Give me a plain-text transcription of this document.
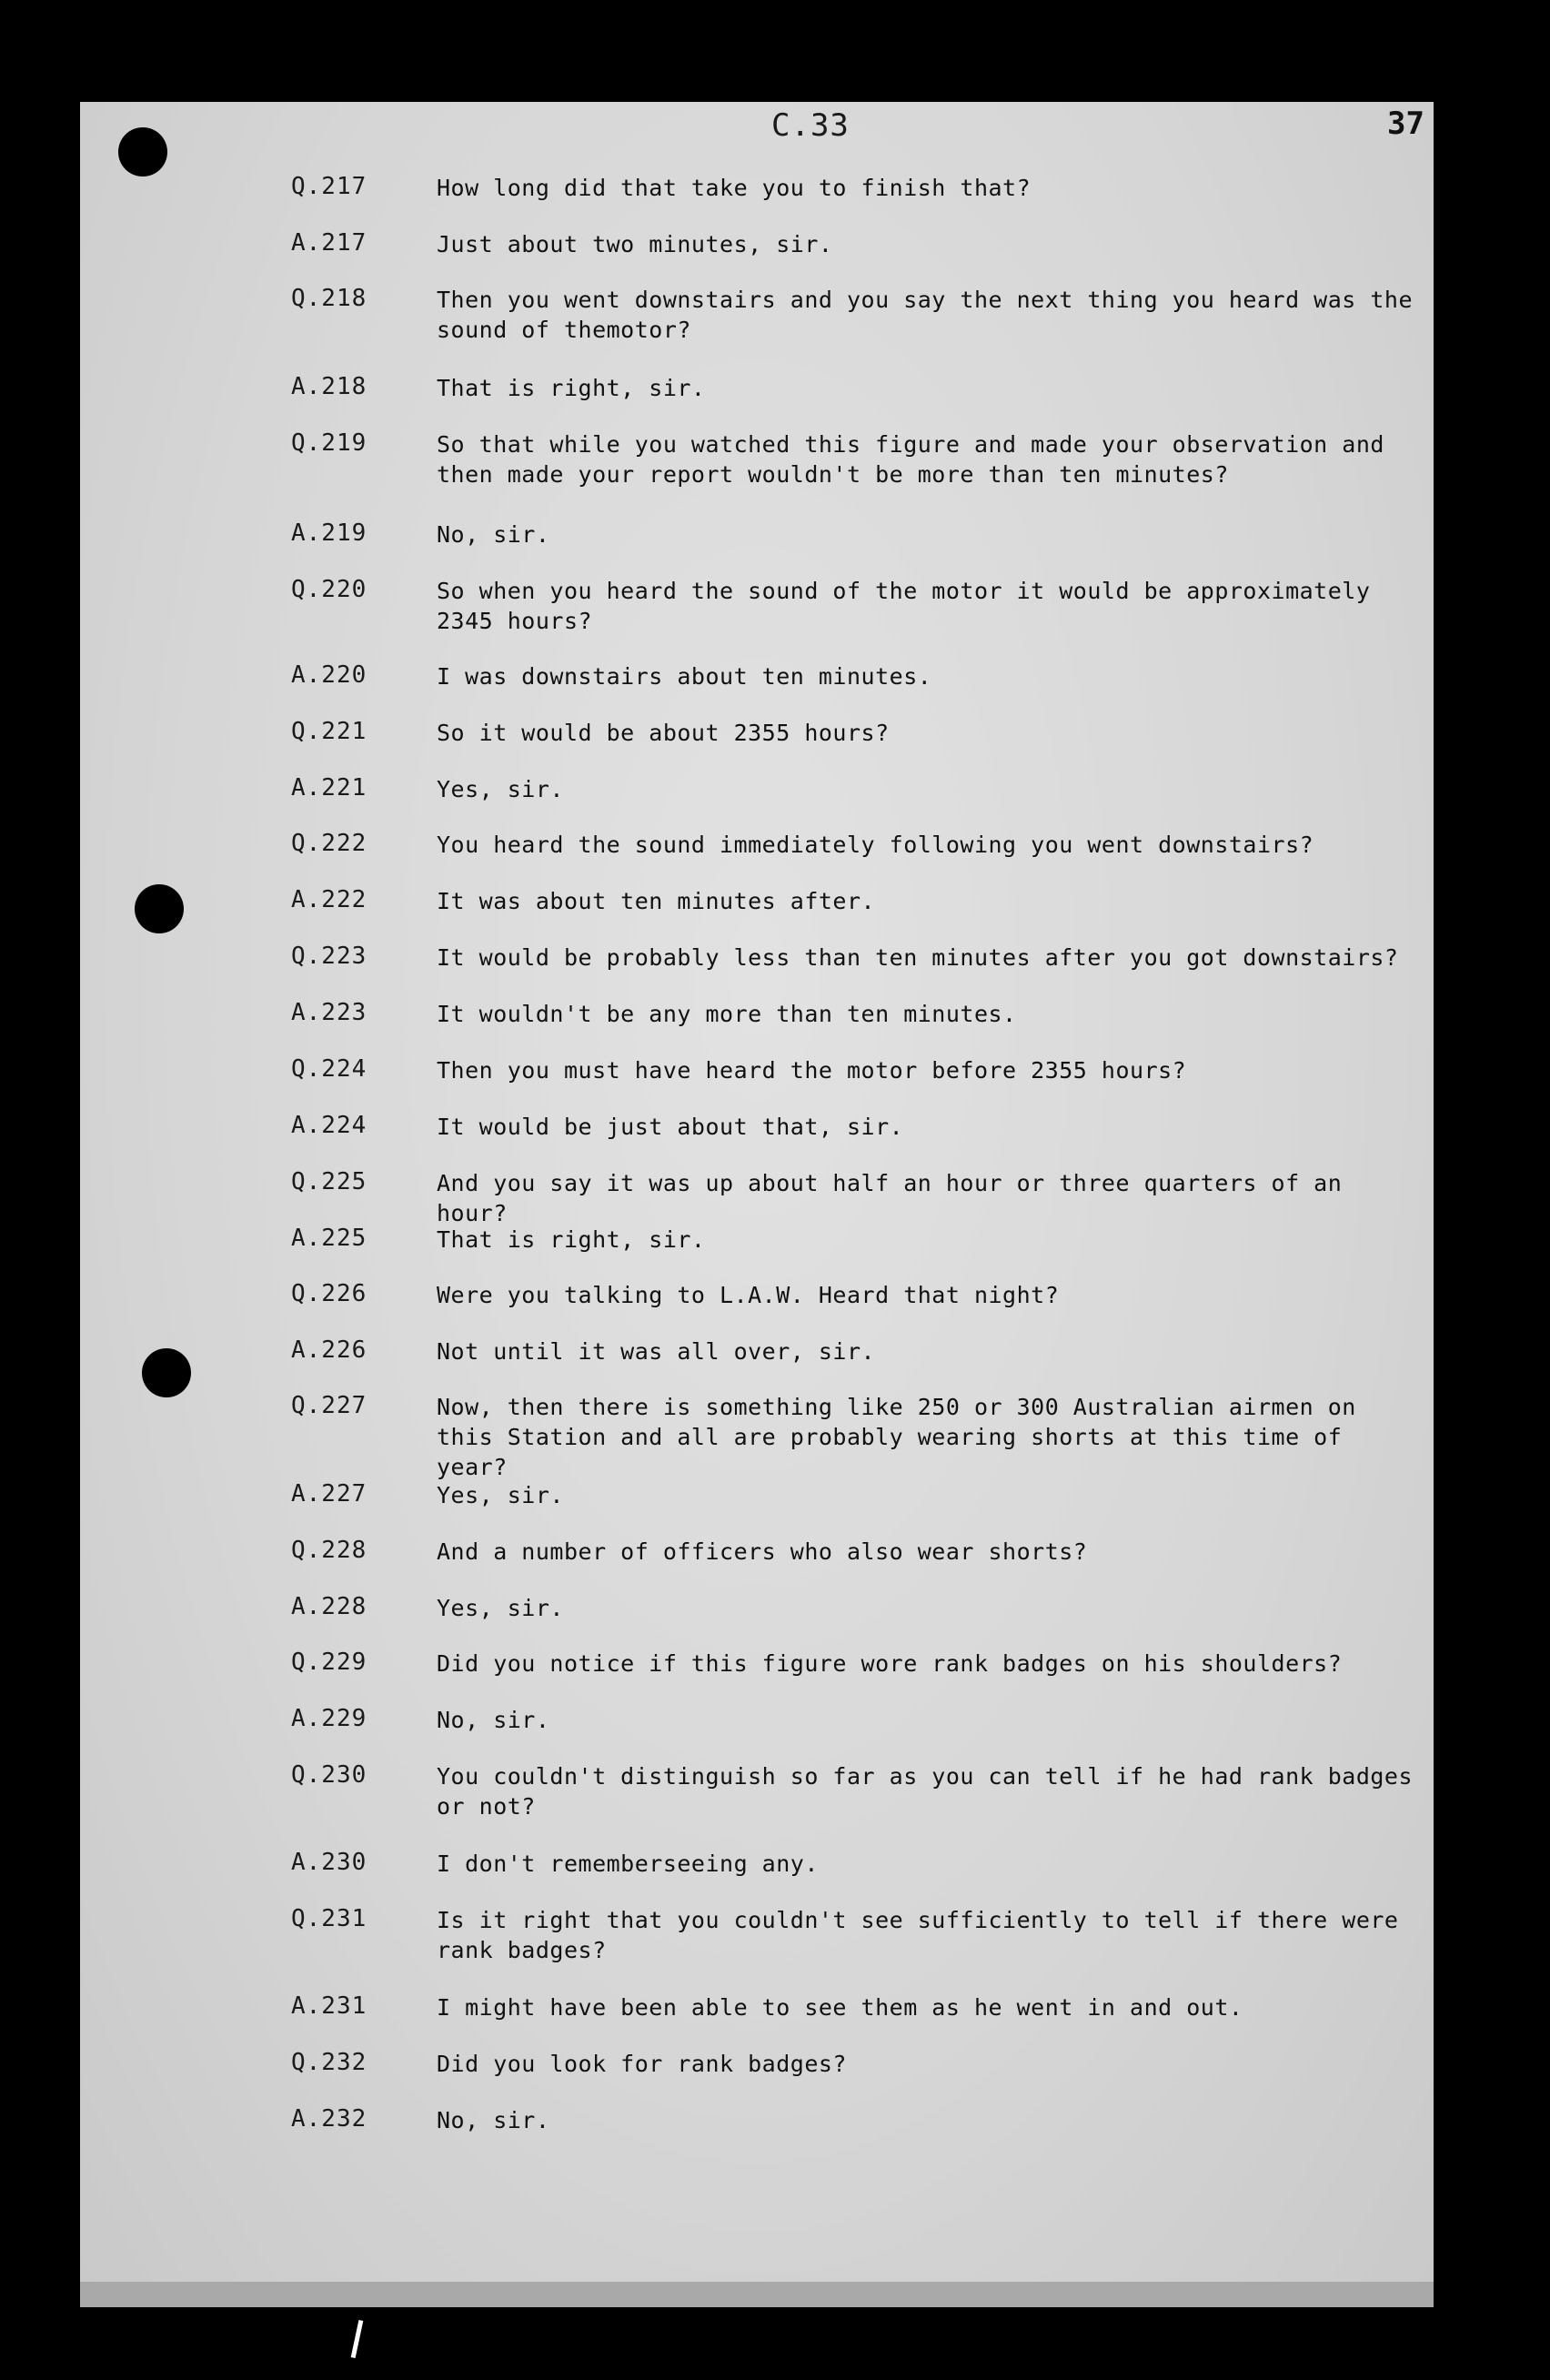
C.33	37
Q.217	How long did that take you to finish that?
A.217	Just about two minutes, sir.
Q.218	Then you went downstairs and you say the next thing you heard was the sound of themotor?
A.218	That is right, sir.
Q.219	So that while you watched this figure and made your observation and then made your report wouldn't be more than ten minutes?
A.219	No, sir.
Q.220	So when you heard the sound of the motor it would be approximately 2345 hours?
A.220	I was downstairs about ten minutes.
Q.221	So it would be about 2355 hours?
A.221	Yes, sir.
Q.222	You heard the sound immediately following you went downstairs?
A.222	It was about ten minutes after.
Q.223	It would be probably less than ten minutes after you got downstairs?
A.223	It wouldn't be any more than ten minutes.
Q.224	Then you must have heard the motor before 2355 hours?
A.224	It would be just about that, sir.
Q.225	And you say it was up about half an hour or three quarters of an hour?
A.225	That is right, sir.
Q.226	Were you talking to L.A.W. Heard that night?
A.226	Not until it was all over, sir.
Q.227	Now, then there is something like 250 or 300 Australian airmen on this Station and all are probably wearing shorts at this time of year?
A.227	Yes, sir.
Q.228	And a number of officers who also wear shorts?
A.228	Yes, sir.
Q.229	Did you notice if this figure wore rank badges on his shoulders?
A.229	No, sir.
Q.230	You couldn't distinguish so far as you can tell if he had rank badges or not?
A.230	I don't rememberseeing any.
Q.231	Is it right that you couldn't see sufficiently to tell if there were rank badges?
A.231	I might have been able to see them as he went in and out.
Q.232	Did you look for rank badges?
A.232	No, sir.
